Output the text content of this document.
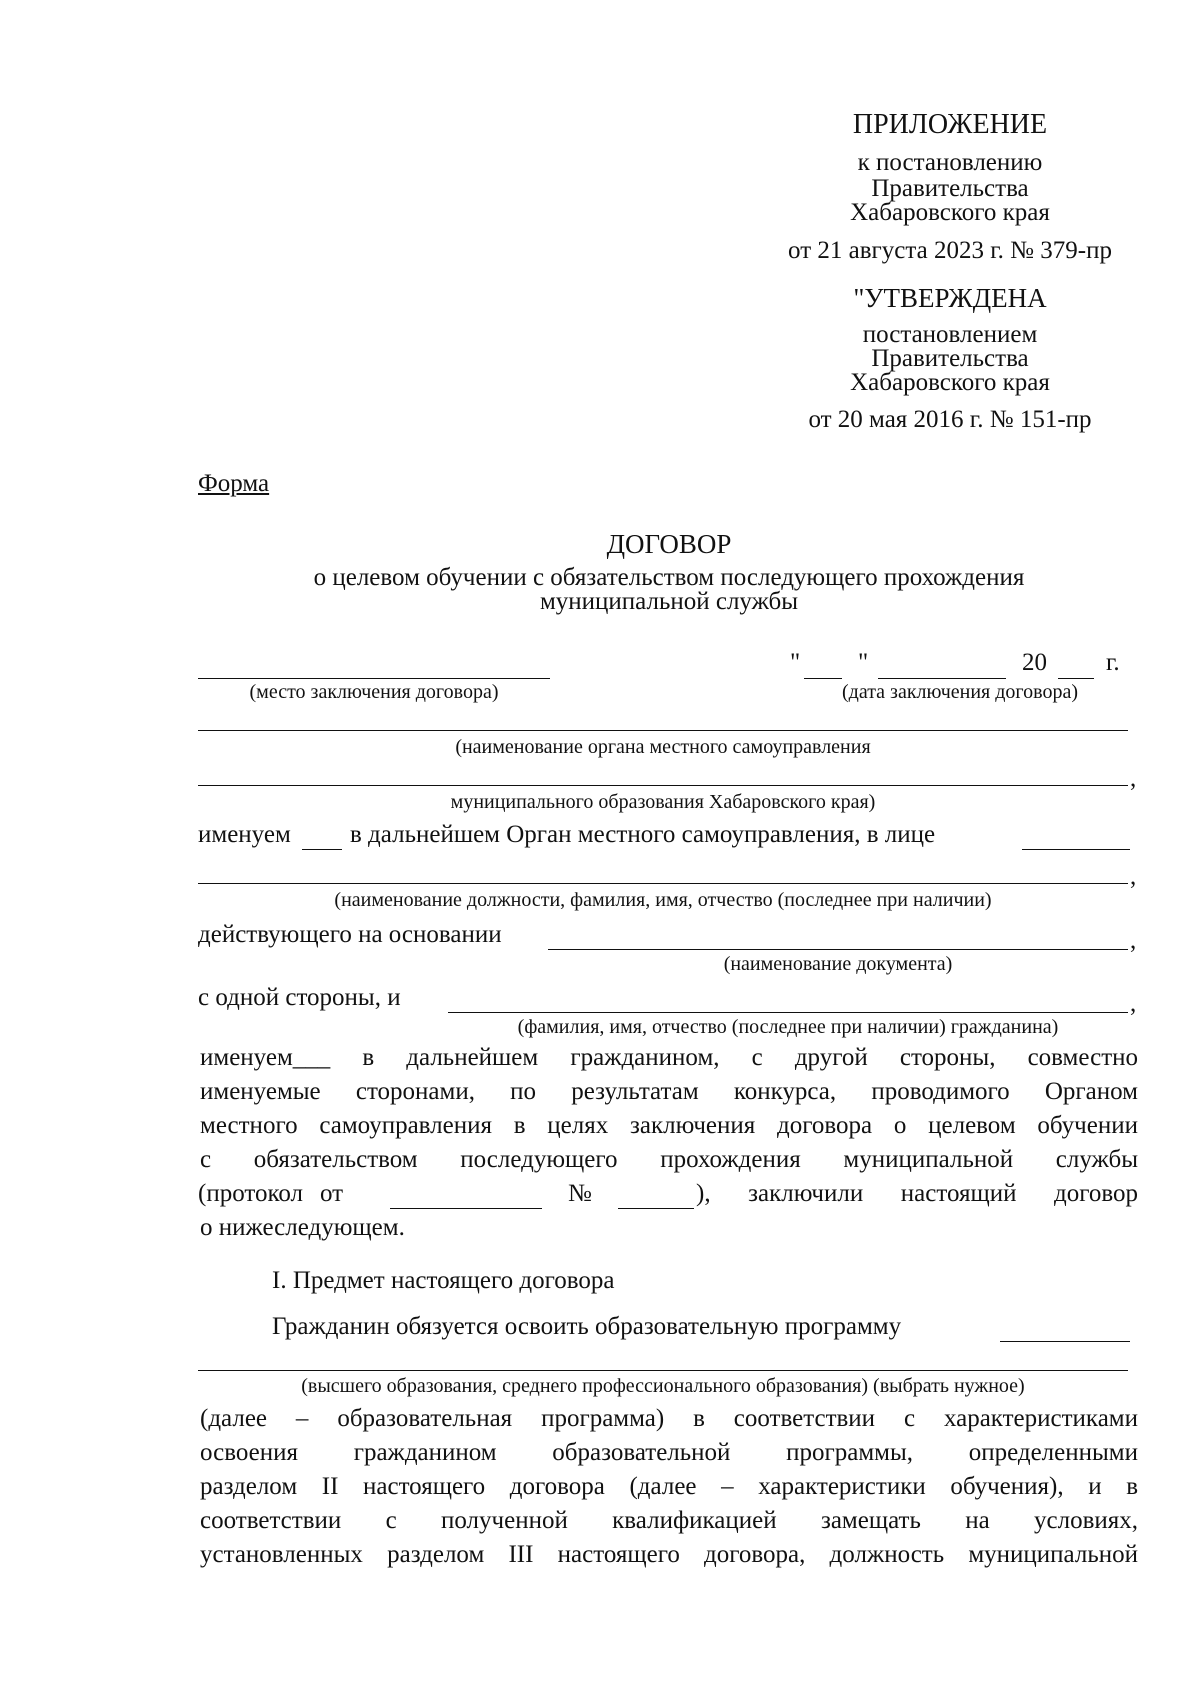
ПРИЛОЖЕНИЕ
к постановлению
Правительства
Хабаровского края
от 21 августа 2023 г. № 379-пр
"УТВЕРЖДЕНА
постановлением
Правительства
Хабаровского края
от 20 мая 2016 г. № 151-пр
Форма
ДОГОВОР
о целевом обучении с обязательством последующего прохождения
муниципальной службы
" "	20 г.
(место заключения договора)	(дата заключения договора)
(наименование органа местного самоуправления
,
муниципального образования Хабаровского края)
именуем в дальнейшем Орган местного самоуправления, в лице
,
(наименование должности, фамилия, имя, отчество (последнее при наличии)
действующего на основании	,
(наименование документа)
с одной стороны, и	,
(фамилия, имя, отчество (последнее при наличии) гражданина)
именуем___ в дальнейшем гражданином, с другой стороны, совместно
именуемые сторонами, по результатам конкурса, проводимого Органом
местного самоуправления в целях заключения договора о целевом обучении
с обязательством последующего прохождения муниципальной службы
(протокол от	№	), заключили настоящий договор
о нижеследующем.
I. Предмет настоящего договора
Гражданин обязуется освоить образовательную программу
(высшего образования, среднего профессионального образования) (выбрать нужное)
(далее – образовательная программа) в соответствии с характеристиками
освоения гражданином образовательной программы, определенными
разделом II настоящего договора (далее – характеристики обучения), и в
соответствии с полученной квалификацией замещать на условиях,
установленных разделом III настоящего договора, должность муниципальной
